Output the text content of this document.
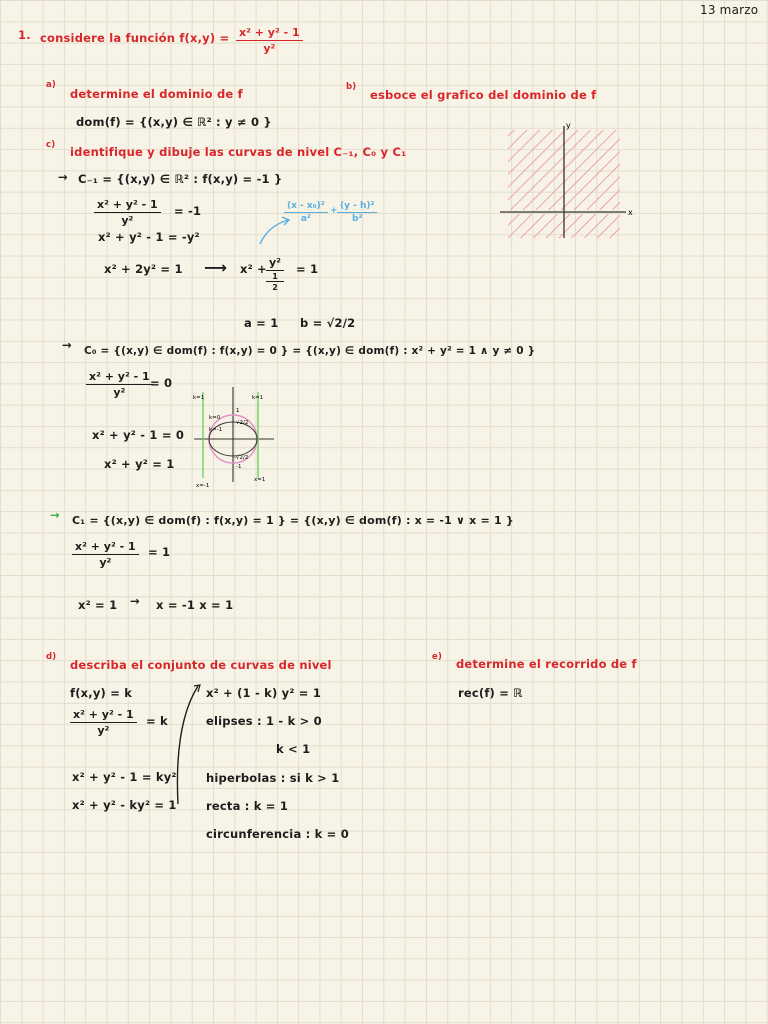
13 marzo
1. considere la función $f(x,y) = \frac{\text{x² + y² - 1}}{\text{y²}}$
a)
determine el dominio de f
dom(f) = {(x,y) ∈ ℝ² : y ≠ 0 }
b)
esboce el grafico del dominio de f
x
y
c) identifique y dibuje las curvas de nivel C₋₁, C₀ y C₁
→ C₋₁ = {(x,y) ∈ ℝ² : f(x,y) = -1 }
$\frac{\text{x² + y² - 1}}{\text{y²}} = -1$
x² + y² - 1 = -y²
x² + 2y² = 1 ⟶ x² + y²
1
2
= 1
$\frac{\text{(x - x₀)²}}{\text{a²}} + \frac{\text{(y - h)²}}{\text{b²}}$
a = 1 b = √2/2
→ C₀ = {(x,y) ∈ dom(f) : f(x,y) = 0 } = {(x,y) ∈ dom(f) : x² + y² = 1 ∧ y ≠ 0 }
$\frac{\text{x² + y² - 1}}{\text{y²}}$
= 0
x² + y² - 1 = 0
x² + y² = 1
k=1	k=1
k=0
k=-1
1
√2/2
-√2/2
-1
x=-1
x=1
→ C₁ = {(x,y) ∈ dom(f) : f(x,y) = 1 } = {(x,y) ∈ dom(f) : x = -1 ∨ x = 1 }
$\frac{\text{x² + y² - 1}}{\text{y²}} = 1$
x² = 1 → x = -1 x = 1
d)
describa el conjunto de curvas de nivel
f(x,y) = k
$\frac{\text{x² + y² - 1}}{\text{y²}} = k$
x² + y² - 1 = ky²
x² + y² - ky² = 1
x² + (1 - k) y² = 1
elipses : 1 - k > 0
k < 1
hiperbolas : si k > 1
recta : k = 1
circunferencia : k = 0
e) determine el recorrido de f
rec(f) = ℝ
